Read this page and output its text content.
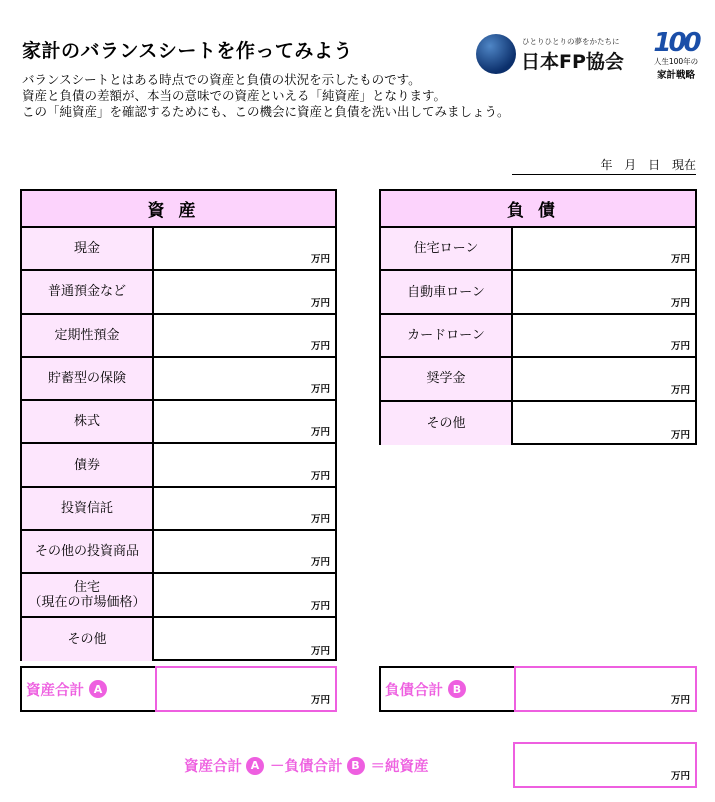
家計のバランスシートを作ってみよう
バランスシートとはある時点での資産と負債の状況を示したものです。
資産と負債の差額が、本当の意味での資産といえる「純資産」となります。
この「純資産」を確認するためにも、この機会に資産と負債を洗い出してみましょう。
ひとりひとりの夢をかたちに
日本FP協会
100
人生100年の
家計戦略
年 月 日 現在
資産
現金
万円
普通預金など
万円
定期性預金
万円
貯蓄型の保険
万円
株式
万円
債券
万円
投資信託
万円
その他の投資商品
万円
住宅
（現在の市場価格）	万円
その他
万円
負債
住宅ローン
万円
自動車ローン
万円
カードローン
万円
奨学金
万円
その他
万円
資産合計 A
万円
負債合計 B
万円
資産合計 A －負債合計 B ＝純資産
万円
